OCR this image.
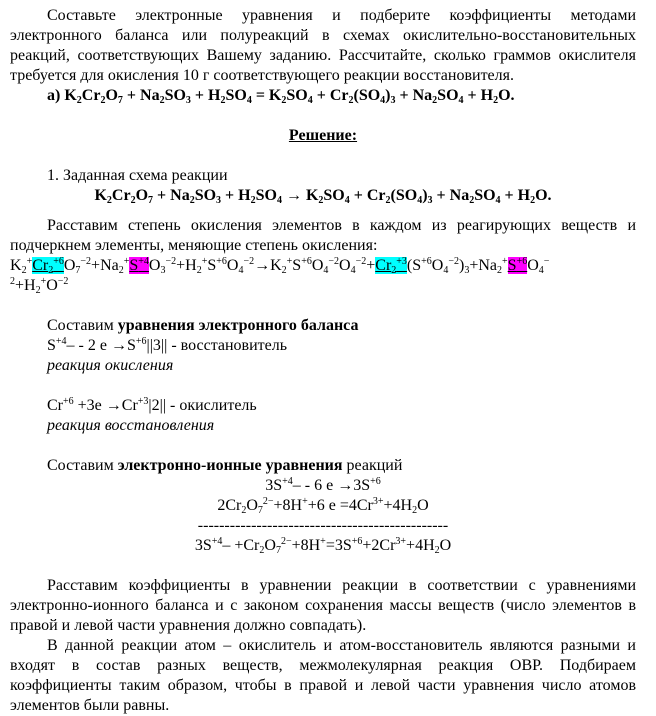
Составьте электронные уравнения и подберите коэффициенты методами электронного баланса или полуреакций в схемах окислительно-восстановительных реакций, соответствующих Вашему заданию. Рассчитайте, сколько граммов окислителя требуется для окисления 10 г соответствующего реакции восстановителя.

а) $K_2Cr_2O_7 + Na_2SO_3 + H_2SO_4 = K_2SO_4 + Cr_2(SO_4)_3 + Na_2SO_4 + H_2O$.

Решение:

1. Заданная схема реакции

$K_2Cr_2O_7 + Na_2SO_3 + H_2SO_4 \to K_2SO_4 + Cr_2(SO_4)_3 + Na_2SO_4 + H_2O$.

Расставим степень окисления элементов в каждом из реагирующих веществ и подчеркнем элементы, меняющие степень окисления:

$K_2^+Cr_2^{+6}O_7^{-2}+Na_2^+S^{+4}O_3^{-2}+H_2^+S^{+6}O_4^{-2}\to K_2^+S^{+6}O_4^{-2}O_4^{-2}+Cr_2^{+3}(S^{+6}O_4^{-2})_3+Na_2^+S^{+6}O_4^-$
$^2+H_2^+O^{-2}$

Составим уравнения электронного баланса

$S^{+4}- - 2$ $e \to S^{+6}||3||$ - восстановитель

реакция окисления

$Cr^{+6} +3e \to Cr^{+3}|2||$ - окислитель

реакция восстановления

Составим электронно-ионные уравнения реакций

$3S^{+4}- - 6$ $e \to 3S^{+6}$

$2Cr_2O_7^{2-}+8H^++6$ $e =4Cr^{3+}+4H_2O$

-----------------------------------------------

$3S^{+4}- +Cr_2O_7^{2-}+8H^+=3S^{+6}+2Cr^{3+}+4H_2O$

Расставим коэффициенты в уравнении реакции в соответствии с уравнениями электронно-ионного баланса и с законом сохранения массы веществ (число элементов в правой и левой части уравнения должно совпадать).

В данной реакции атом – окислитель и атом-восстановитель являются разными и входят в состав разных веществ, межмолекулярная реакция ОВР. Подбираем коэффициенты таким образом, чтобы в правой и левой части уравнения число атомов элементов были равны.
